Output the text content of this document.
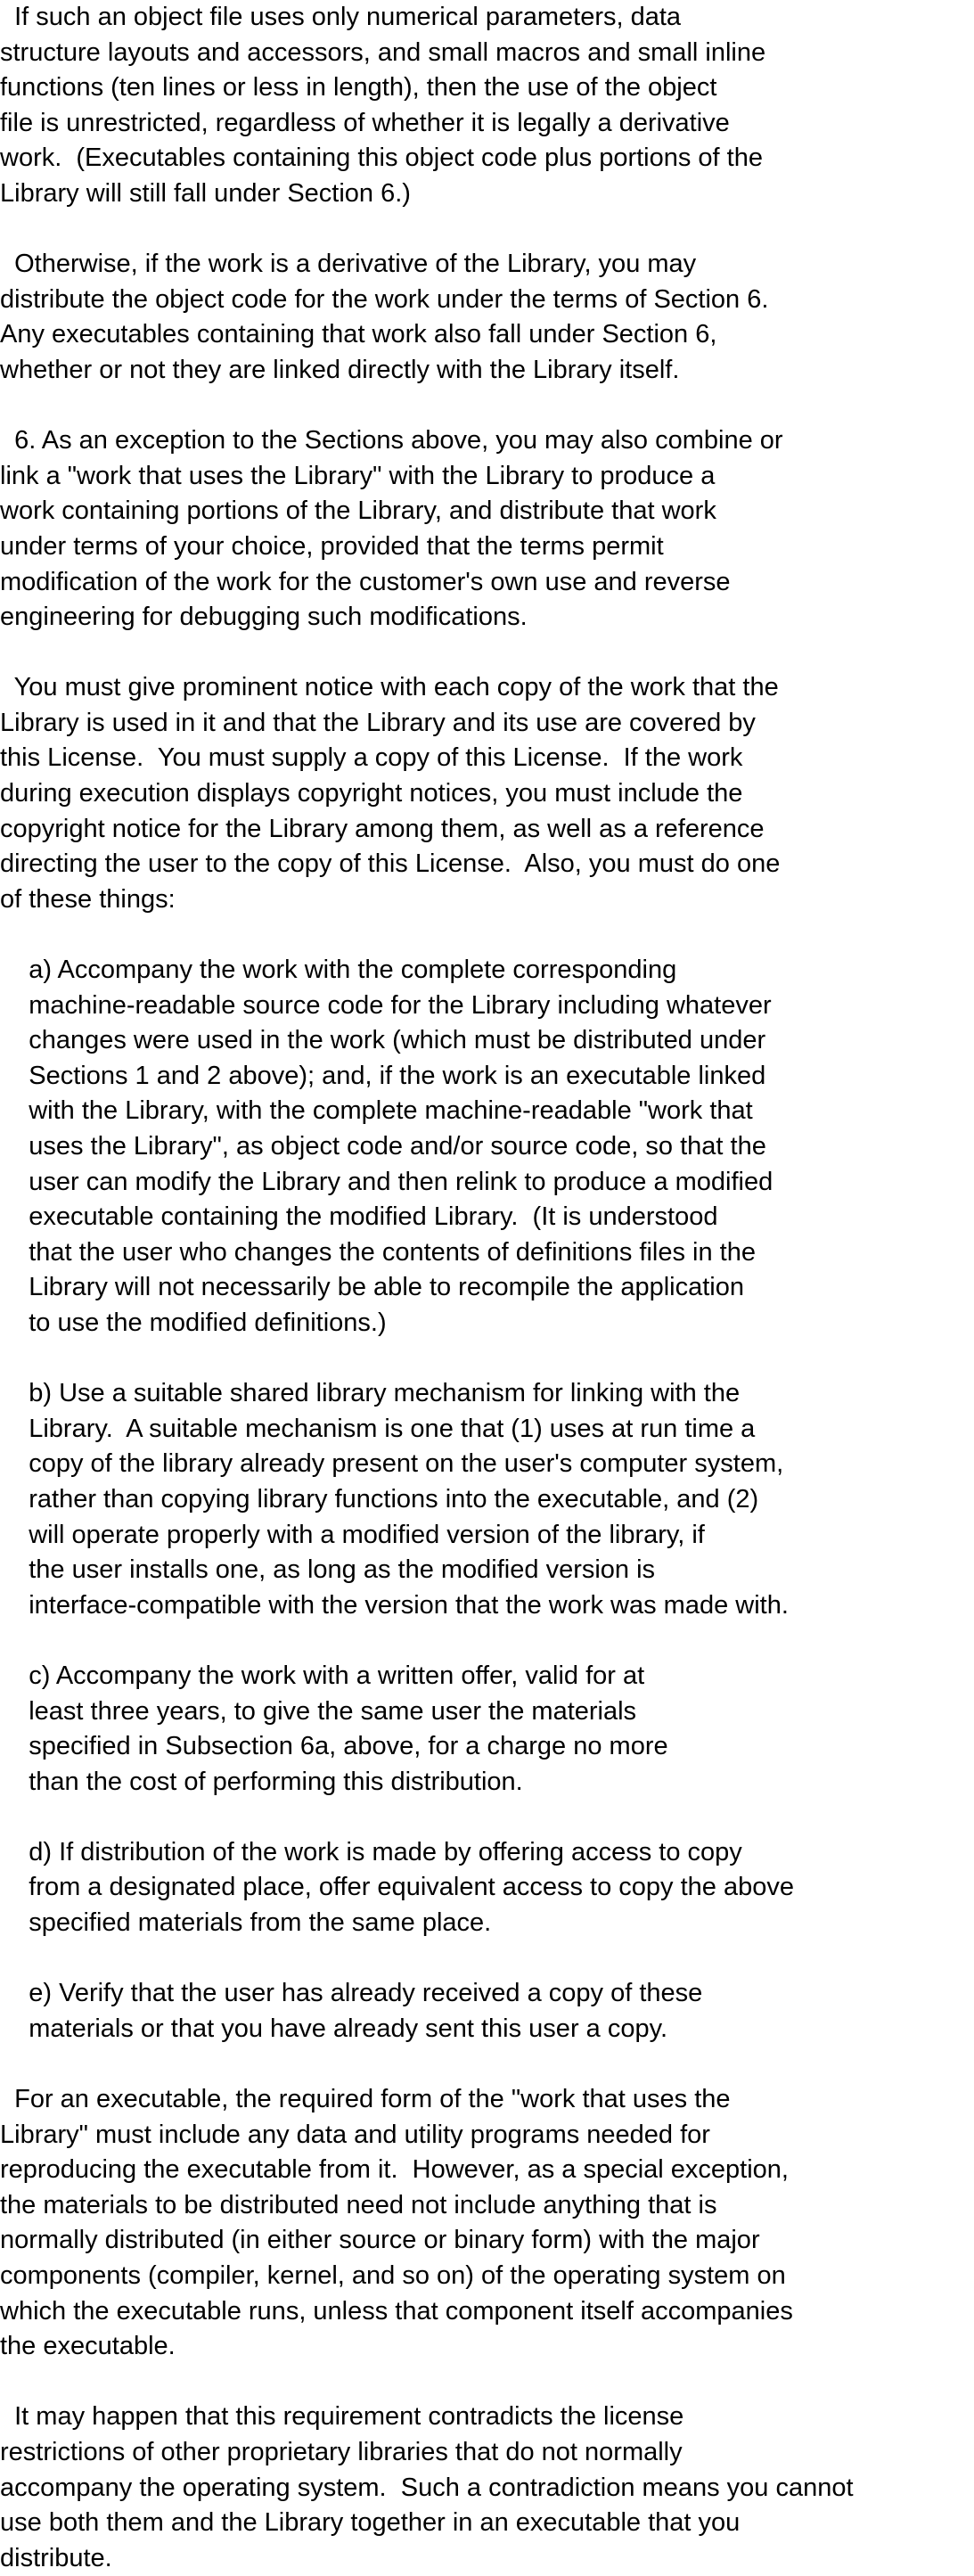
If such an object file uses only numerical parameters, data
structure layouts and accessors, and small macros and small inline
functions (ten lines or less in length), then the use of the object
file is unrestricted, regardless of whether it is legally a derivative
work.  (Executables containing this object code plus portions of the
Library will still fall under Section 6.)
Otherwise, if the work is a derivative of the Library, you may
distribute the object code for the work under the terms of Section 6.
Any executables containing that work also fall under Section 6,
whether or not they are linked directly with the Library itself.
6. As an exception to the Sections above, you may also combine or
link a "work that uses the Library" with the Library to produce a
work containing portions of the Library, and distribute that work
under terms of your choice, provided that the terms permit
modification of the work for the customer's own use and reverse
engineering for debugging such modifications.
You must give prominent notice with each copy of the work that the
Library is used in it and that the Library and its use are covered by
this License.  You must supply a copy of this License.  If the work
during execution displays copyright notices, you must include the
copyright notice for the Library among them, as well as a reference
directing the user to the copy of this License.  Also, you must do one
of these things:
a) Accompany the work with the complete corresponding
machine-readable source code for the Library including whatever
changes were used in the work (which must be distributed under
Sections 1 and 2 above); and, if the work is an executable linked
with the Library, with the complete machine-readable "work that
uses the Library", as object code and/or source code, so that the
user can modify the Library and then relink to produce a modified
executable containing the modified Library.  (It is understood
that the user who changes the contents of definitions files in the
Library will not necessarily be able to recompile the application
to use the modified definitions.)
b) Use a suitable shared library mechanism for linking with the
Library.  A suitable mechanism is one that (1) uses at run time a
copy of the library already present on the user's computer system,
rather than copying library functions into the executable, and (2)
will operate properly with a modified version of the library, if
the user installs one, as long as the modified version is
interface-compatible with the version that the work was made with.
c) Accompany the work with a written offer, valid for at
least three years, to give the same user the materials
specified in Subsection 6a, above, for a charge no more
than the cost of performing this distribution.
d) If distribution of the work is made by offering access to copy
from a designated place, offer equivalent access to copy the above
specified materials from the same place.
e) Verify that the user has already received a copy of these
materials or that you have already sent this user a copy.
For an executable, the required form of the "work that uses the
Library" must include any data and utility programs needed for
reproducing the executable from it.  However, as a special exception,
the materials to be distributed need not include anything that is
normally distributed (in either source or binary form) with the major
components (compiler, kernel, and so on) of the operating system on
which the executable runs, unless that component itself accompanies
the executable.
It may happen that this requirement contradicts the license
restrictions of other proprietary libraries that do not normally
accompany the operating system.  Such a contradiction means you cannot
use both them and the Library together in an executable that you
distribute.
